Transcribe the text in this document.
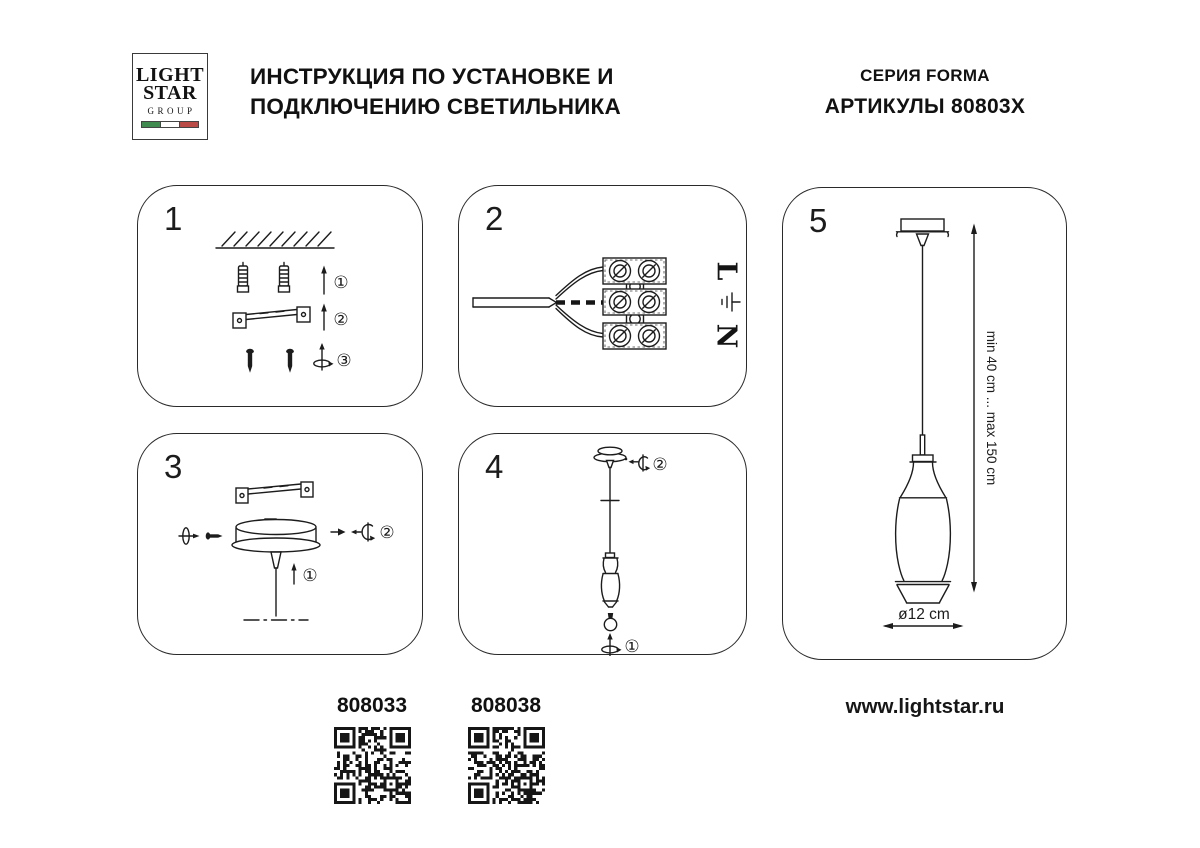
LIGHT
STAR
GROUP
ИНСТРУКЦИЯ ПО УСТАНОВКЕ И
ПОДКЛЮЧЕНИЮ СВЕТИЛЬНИКА
СЕРИЯ FORMA
АРТИКУЛЫ 80803X
1
①
②
③
2
L
N
3
①
②
4	②
①
5
min 40 cm ... max 150 cm
ø12 cm
808033	808038	www.lightstar.ru
